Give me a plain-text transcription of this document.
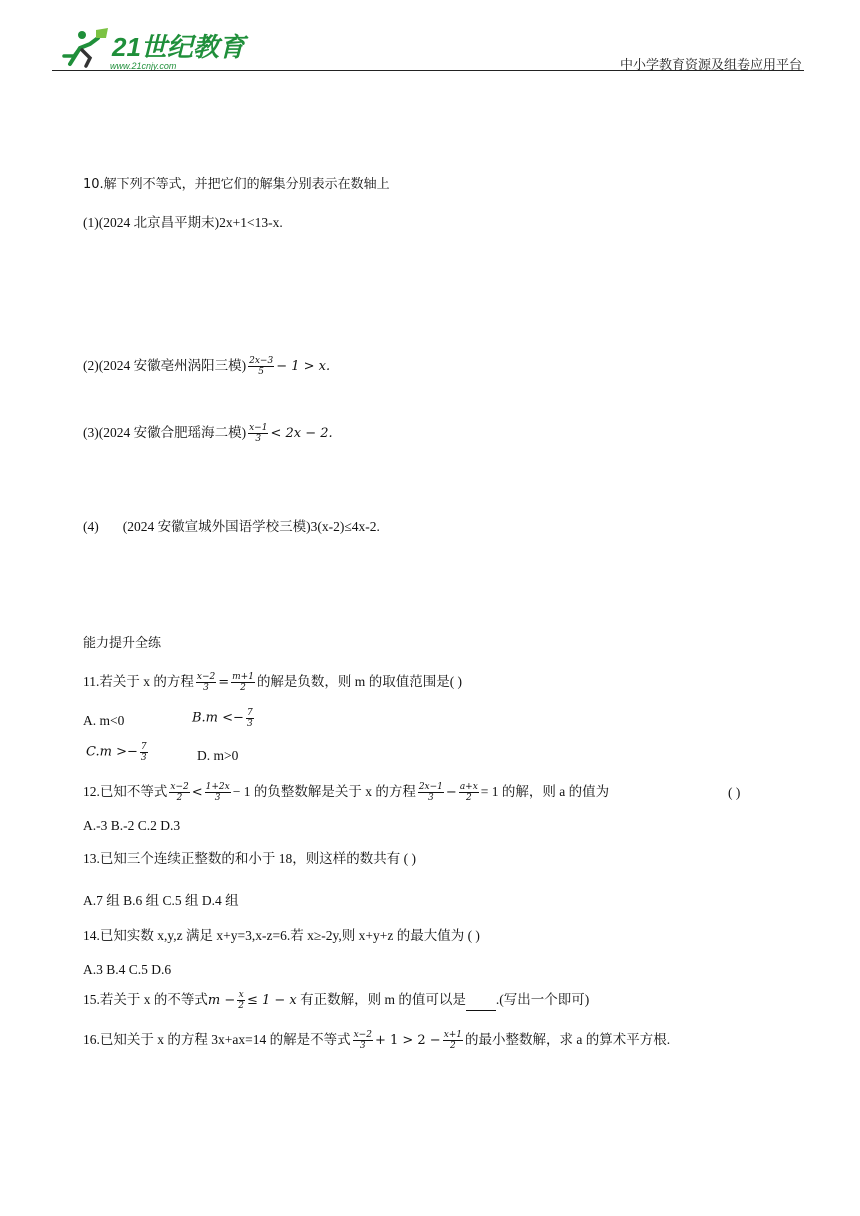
21世纪教育
www.21cnjy.com	中小学教育资源及组卷应用平台
10.解下列不等式，并把它们的解集分别表示在数轴上
(1)(2024 北京昌平期末)2x+1<13-x.
(2)(2024 安徽亳州涡阳三模) $\frac{2x-3}{5} - 1 > x$.
(3)(2024 安徽合肥瑶海二模) $\frac{x-1}{3} < 2x - 2$.
(4) (2024 安徽宣城外国语学校三模)3(x-2)≤4x-2.
能力提升全练
11.若关于 x 的方程 $\frac{x-2}{3} = \frac{m+1}{2}$ 的解是负数，则 m 的取值范围是( )
A. m<0	$B.m <- \frac{7}{3}$
$C.m >- \frac{7}{3}$	D. m>0
12.已知不等式 $\frac{x-2}{2} < \frac{1+2x}{3} - 1$ 的负整数解是关于 x 的方程 $\frac{2x-1}{3} - \frac{a+x}{2} = 1$ 的解，则 a 的值为	( )
A.-3 B.-2 C.2 D.3
13.已知三个连续正整数的和小于 18，则这样的数共有 ( )
A.7 组 B.6 组 C.5 组 D.4 组
14.已知实数 x,y,z 满足 x+y=3,x-z=6.若 x≥-2y,则 x+y+z 的最大值为 ( )
A.3 B.4 C.5 D.6
15.若关于 x 的不等式$m - \frac{x}{2} \le 1 - x$ 有正数解，则 m 的值可以是 .(写出一个即可)
16.已知关于 x 的方程 3x+ax=14 的解是不等式 $\frac{x-2}{3} + 1 > 2 - \frac{x+1}{2}$ 的最小整数解，求 a 的算术平方根.
